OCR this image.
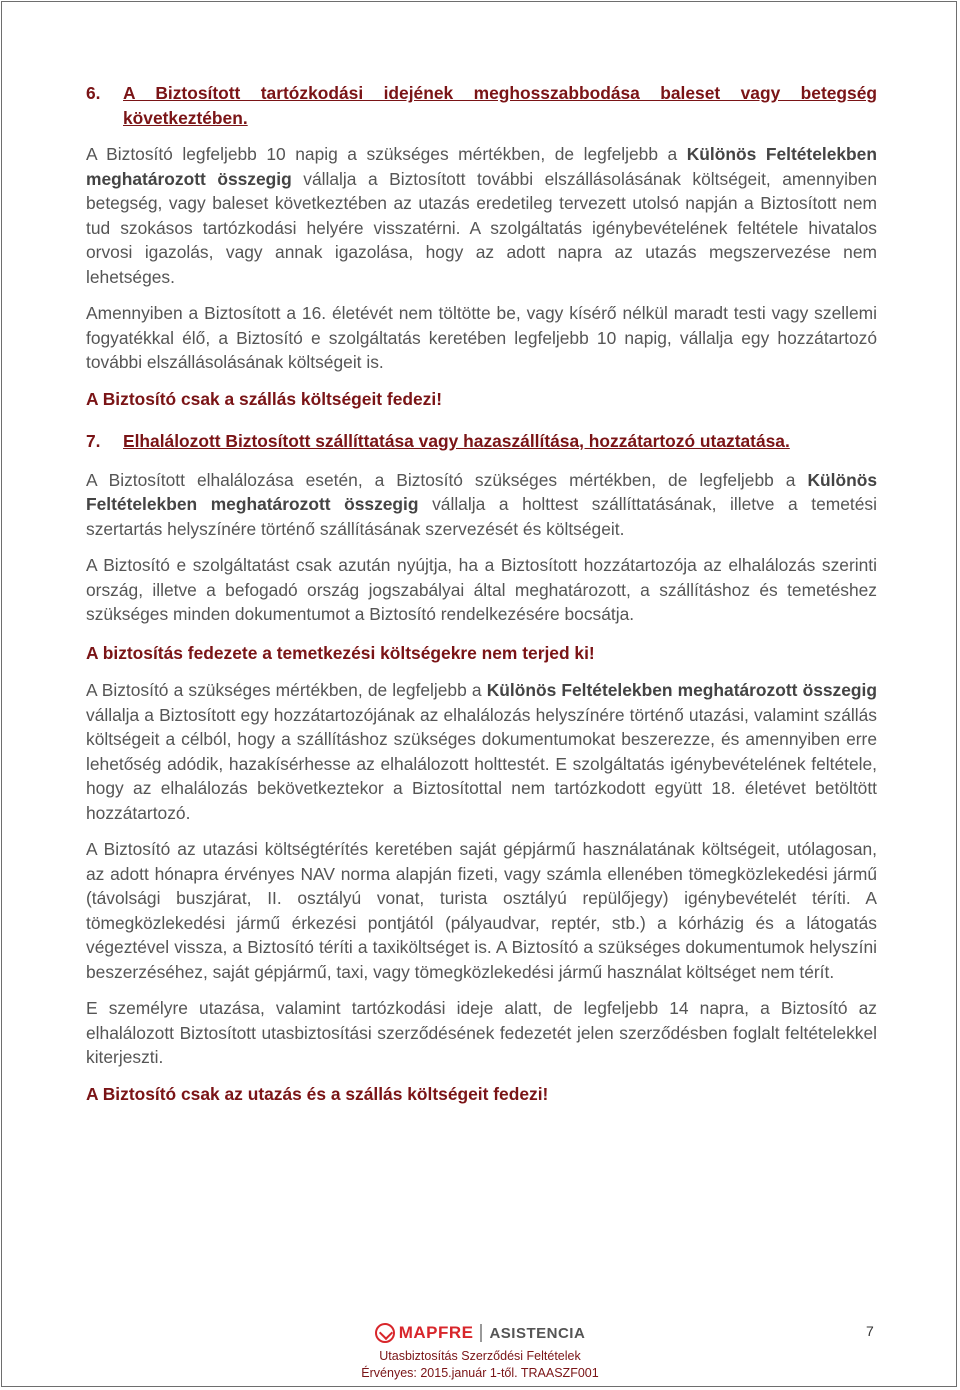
6.	A Biztosított tartózkodási idejének meghosszabbodása baleset vagy betegség következtében.

A Biztosító legfeljebb 10 napig a szükséges mértékben, de legfeljebb a Különös Feltételekben meghatározott összegig vállalja a Biztosított további elszállásolásának költségeit, amennyiben betegség, vagy baleset következtében az utazás eredetileg tervezett utolsó napján a Biztosított nem tud szokásos tartózkodási helyére visszatérni. A szolgáltatás igénybevételének feltétele hivatalos orvosi igazolás, vagy annak igazolása, hogy az adott napra az utazás megszervezése nem lehetséges.

Amennyiben a Biztosított a 16. életévét nem töltötte be, vagy kísérő nélkül maradt testi vagy szellemi fogyatékkal élő, a Biztosító e szolgáltatás keretében legfeljebb 10 napig, vállalja egy hozzátartozó további elszállásolásának költségeit is.

A Biztosító csak a szállás költségeit fedezi!

7.	Elhalálozott Biztosított szállíttatása vagy hazaszállítása, hozzátartozó utaztatása.

A Biztosított elhalálozása esetén, a Biztosító szükséges mértékben, de legfeljebb a Különös Feltételekben meghatározott összegig vállalja a holttest szállíttatásának, illetve a temetési szertartás helyszínére történő szállításának szervezését és költségeit.

A Biztosító e szolgáltatást csak azután nyújtja, ha a Biztosított hozzátartozója az elhalálozás szerinti ország, illetve a befogadó ország jogszabályai által meghatározott, a szállításhoz és temetéshez szükséges minden dokumentumot a Biztosító rendelkezésére bocsátja.

A biztosítás fedezete a temetkezési költségekre nem terjed ki!

A Biztosító a szükséges mértékben, de legfeljebb a Különös Feltételekben meghatározott összegig vállalja a Biztosított egy hozzátartozójának az elhalálozás helyszínére történő utazási, valamint szállás költségeit a célból, hogy a szállításhoz szükséges dokumentumokat beszerezze, és amennyiben erre lehetőség adódik, hazakísérhesse az elhalálozott holttestét. E szolgáltatás igénybevételének feltétele, hogy az elhalálozás bekövetkeztekor a Biztosítottal nem tartózkodott együtt 18. életévet betöltött hozzátartozó.

A Biztosító az utazási költségtérítés keretében saját gépjármű használatának költségeit, utólagosan, az adott hónapra érvényes NAV norma alapján fizeti, vagy számla ellenében tömegközlekedési jármű (távolsági buszjárat, II. osztályú vonat, turista osztályú repülőjegy) igénybevételét téríti. A tömegközlekedési jármű érkezési pontjától (pályaudvar, reptér, stb.) a kórházig és a látogatás végeztével vissza, a Biztosító téríti a taxiköltséget is. A Biztosító a szükséges dokumentumok helyszíni beszerzéséhez, saját gépjármű, taxi, vagy tömegközlekedési jármű használat költséget nem térít.

E személyre utazása, valamint tartózkodási ideje alatt, de legfeljebb 14 napra, a Biztosító az elhalálozott Biztosított utasbiztosítási szerződésének fedezetét jelen szerződésben foglalt feltételekkel kiterjeszti.

A Biztosító csak az utazás és a szállás költségeit fedezi!

MAPFRE ASISTENCIA
Utasbiztosítás Szerződési Feltételek
Érvényes: 2015.január 1-től. TRAASZF001
7
